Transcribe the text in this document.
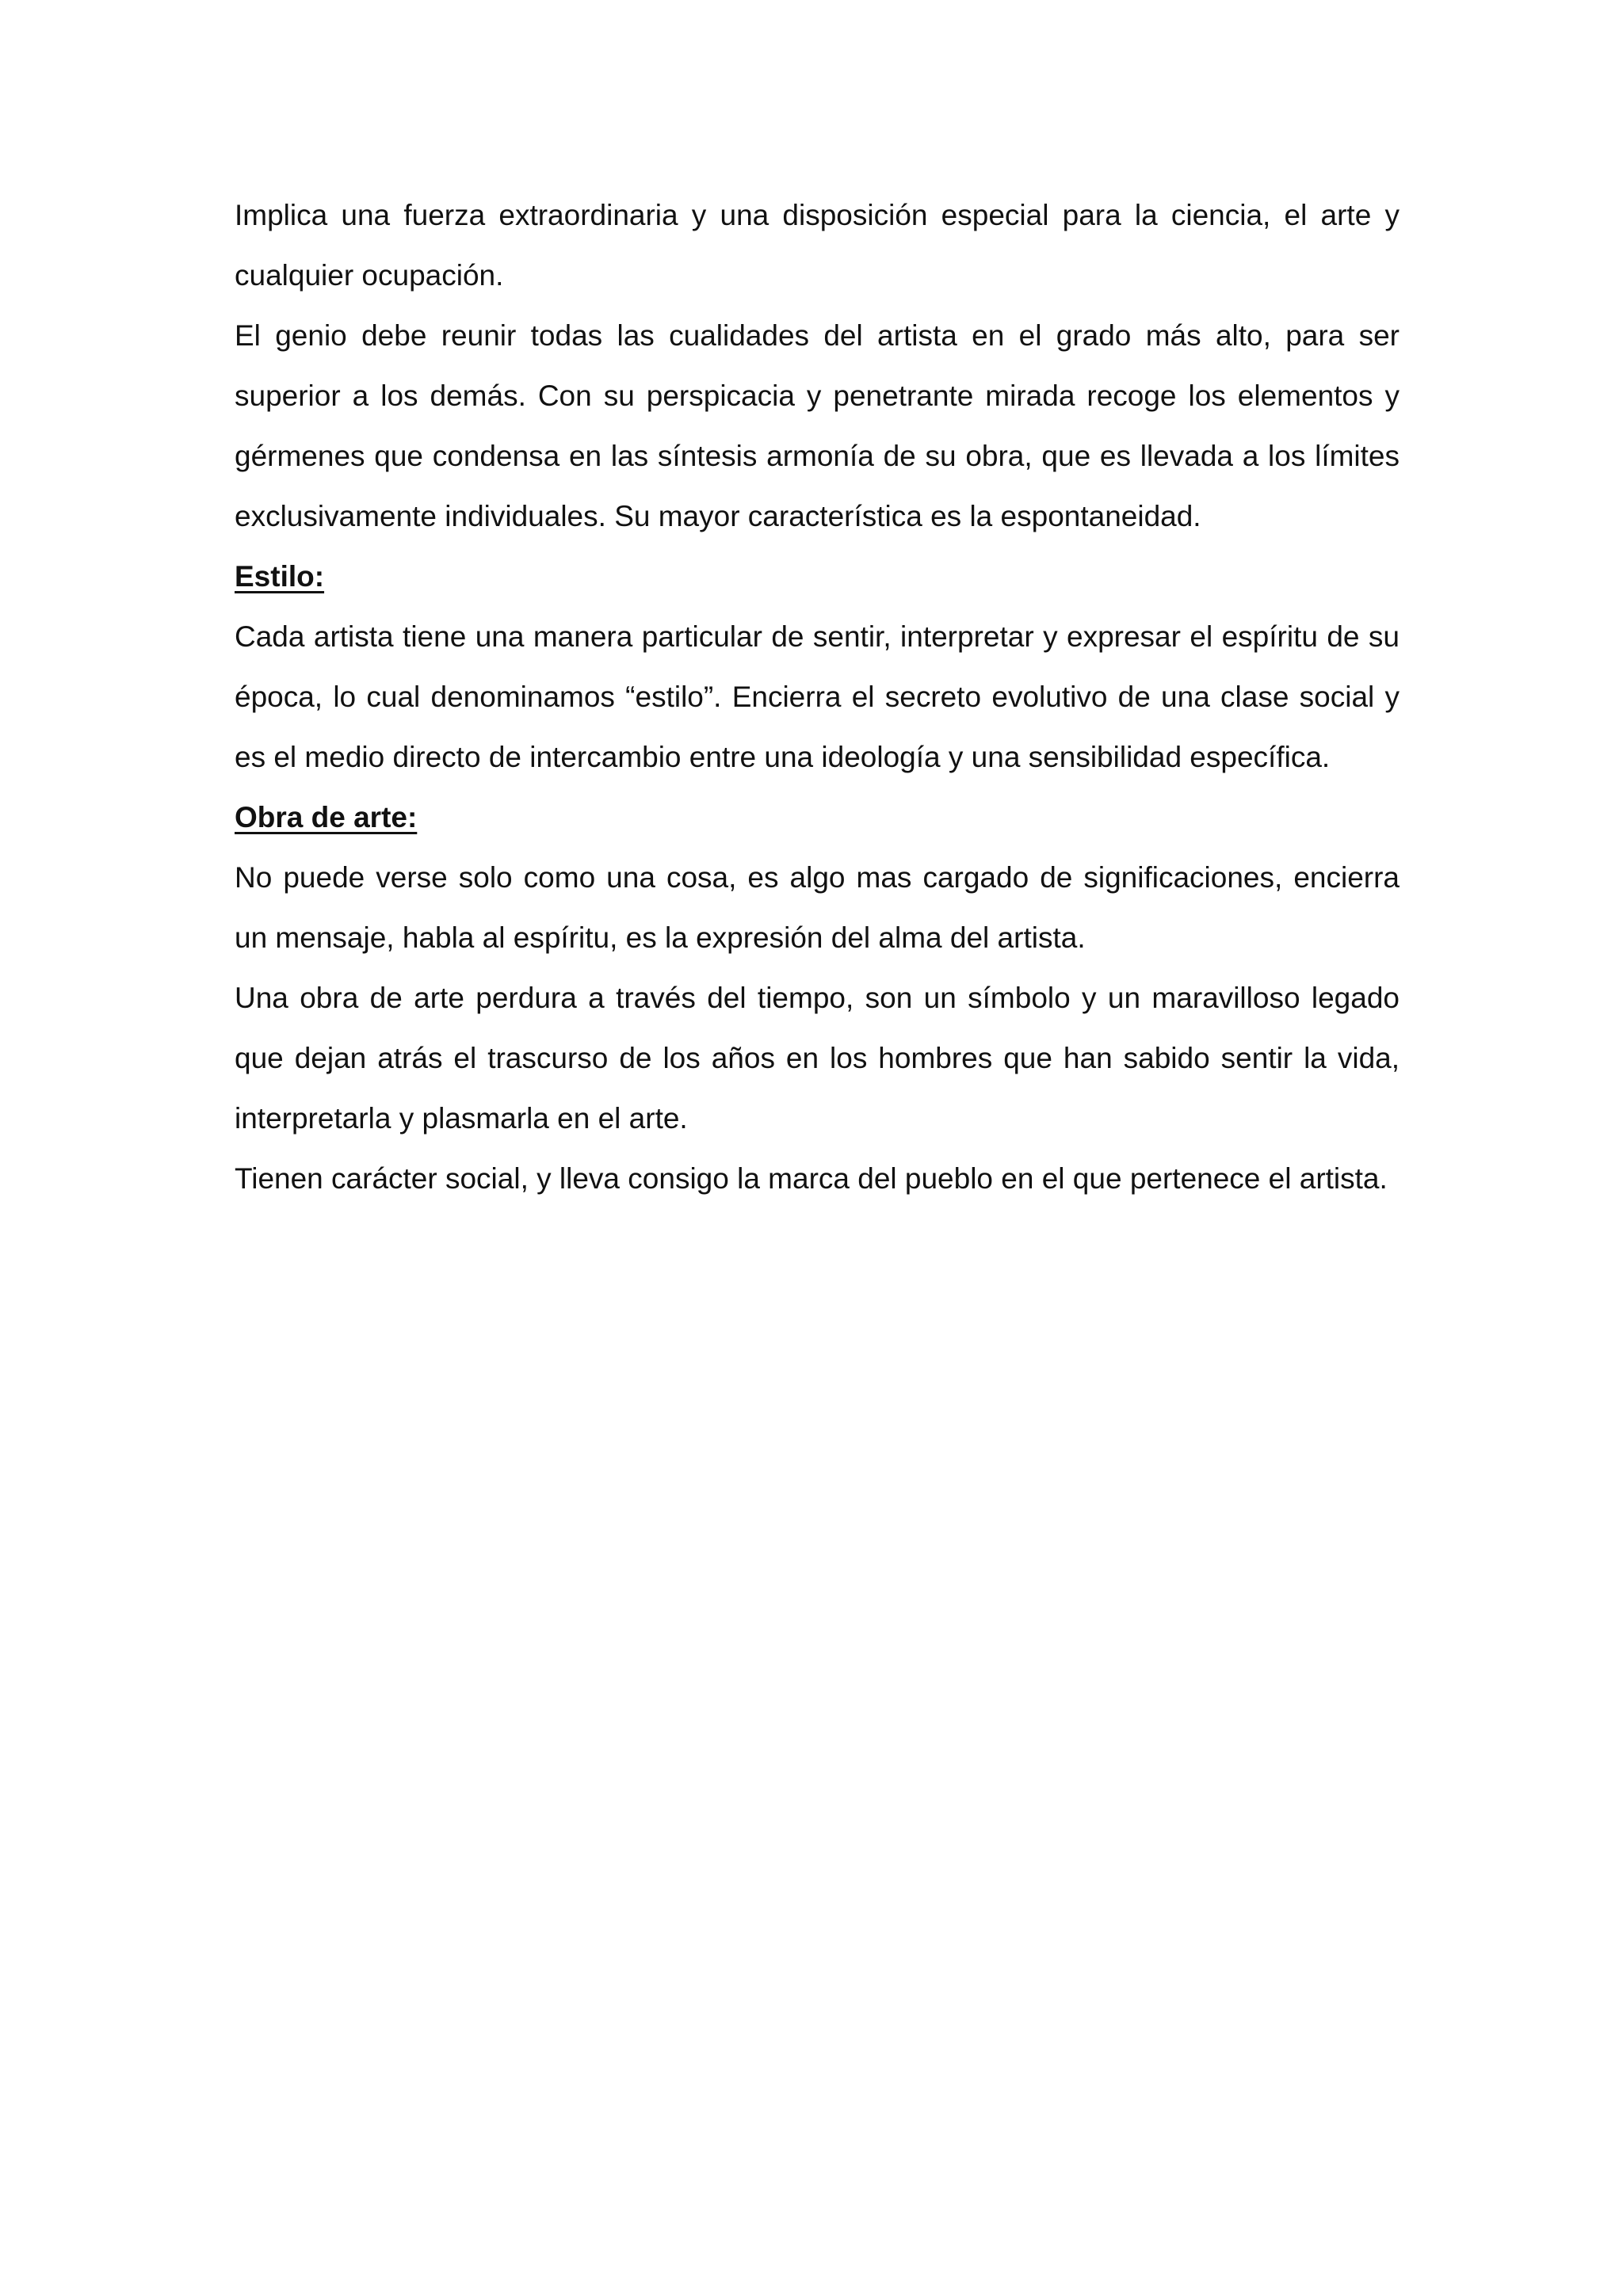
Implica una fuerza extraordinaria y una disposición especial para la ciencia, el arte y cualquier ocupación.

El genio debe reunir todas las cualidades del artista en el grado más alto, para ser superior a los demás. Con su perspicacia y penetrante mirada recoge los elementos y gérmenes que condensa en las síntesis armonía de su obra, que es llevada a los límites exclusivamente individuales. Su mayor característica es la espontaneidad.

Estilo:

Cada artista tiene una manera particular de sentir, interpretar y expresar el espíritu de su época, lo cual denominamos “estilo”. Encierra el secreto evolutivo de una clase social y es el medio directo de intercambio entre una ideología y una sensibilidad específica.

Obra de arte:

No puede verse solo como una cosa, es algo mas cargado de significaciones, encierra un mensaje, habla al espíritu, es la expresión del alma del artista.

Una obra de arte perdura a través del tiempo, son un símbolo y un maravilloso legado que dejan atrás el trascurso de los años en los hombres que han sabido sentir la vida, interpretarla y plasmarla en el arte.

Tienen carácter social, y lleva consigo la marca del pueblo en el que pertenece el artista.
